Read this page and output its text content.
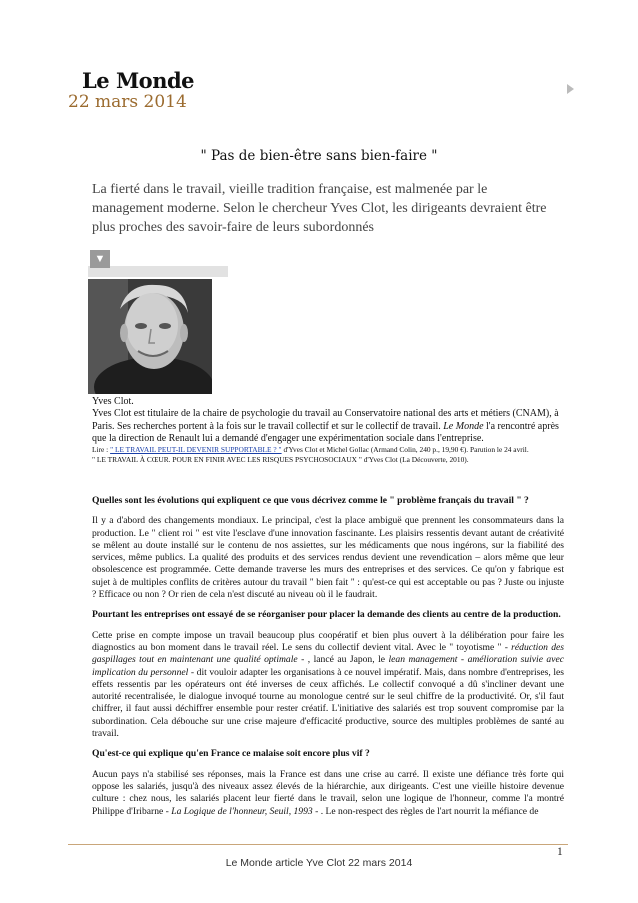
Le Monde
22 mars 2014
" Pas de bien-être sans bien-faire "
La fierté dans le travail, vieille tradition française, est malmenée par le management moderne. Selon le chercheur Yves Clot, les dirigeants devraient être plus proches des savoir-faire de leurs subordonnés
▼
Yves Clot.
Yves Clot est titulaire de la chaire de psychologie du travail au Conservatoire national des arts et métiers (CNAM), à Paris. Ses recherches portent à la fois sur le travail collectif et sur le collectif de travail. Le Monde l'a rencontré après que la direction de Renault lui a demandé d'engager une expérimentation sociale dans l'entreprise.
Lire : " LE TRAVAIL PEUT-IL DEVENIR SUPPORTABLE ? " d'Yves Clot et Michel Gollac (Armand Colin, 240 p., 19,90 €). Parution le 24 avril.
" LE TRAVAIL À CŒUR. POUR EN FINIR AVEC LES RISQUES PSYCHOSOCIAUX " d'Yves Clot (La Découverte, 2010).

Quelles sont les évolutions qui expliquent ce que vous décrivez comme le " problème français du travail " ?

Il y a d'abord des changements mondiaux. Le principal, c'est la place ambiguë que prennent les consommateurs dans la production. Le " client roi " est vite l'esclave d'une innovation fascinante. Les plaisirs ressentis devant autant de créativité se mêlent au doute installé sur le contenu de nos assiettes, sur les médicaments que nous ingérons, sur la fiabilité des services, même publics. La qualité des produits et des services rendus devient une revendication – alors même que leur obsolescence est programmée. Cette demande traverse les murs des entreprises et des services. Ce qu'on y fabrique est sujet à de multiples conflits de critères autour du travail " bien fait " : qu'est-ce qui est acceptable ou pas ? Juste ou injuste ? Efficace ou non ? Or rien de cela n'est discuté au niveau où il le faudrait.

Pourtant les entreprises ont essayé de se réorganiser pour placer la demande des clients au centre de la production.

Cette prise en compte impose un travail beaucoup plus coopératif et bien plus ouvert à la délibération pour faire les diagnostics au bon moment dans le travail réel. Le sens du collectif devient vital. Avec le " toyotisme " - réduction des gaspillages tout en maintenant une qualité optimale - , lancé au Japon, le lean management - amélioration suivie avec implication du personnel - dit vouloir adapter les organisations à ce nouvel impératif. Mais, dans nombre d'entreprises, les effets ressentis par les opérateurs ont été inverses de ceux affichés. Le collectif convoqué a dû s'incliner devant une autorité recentralisée, le dialogue invoqué tourne au monologue centré sur le seul chiffre de la productivité. Or, s'il faut chiffrer, il faut aussi déchiffrer ensemble pour rester créatif. L'initiative des salariés est trop souvent compromise par la subordination. Cela débouche sur une crise majeure d'efficacité productive, source des multiples problèmes de santé au travail.

Qu'est-ce qui explique qu'en France ce malaise soit encore plus vif ?

Aucun pays n'a stabilisé ses réponses, mais la France est dans une crise au carré. Il existe une défiance très forte qui oppose les salariés, jusqu'à des niveaux assez élevés de la hiérarchie, aux dirigeants. C'est une vieille histoire devenue culture : chez nous, les salariés placent leur fierté dans le travail, selon une logique de l'honneur, comme l'a montré Philippe d'Iribarne - La Logique de l'honneur, Seuil, 1993 - . Le non-respect des règles de l'art nourrit la méfiance de

1
Le Monde article Yve Clot 22 mars 2014
